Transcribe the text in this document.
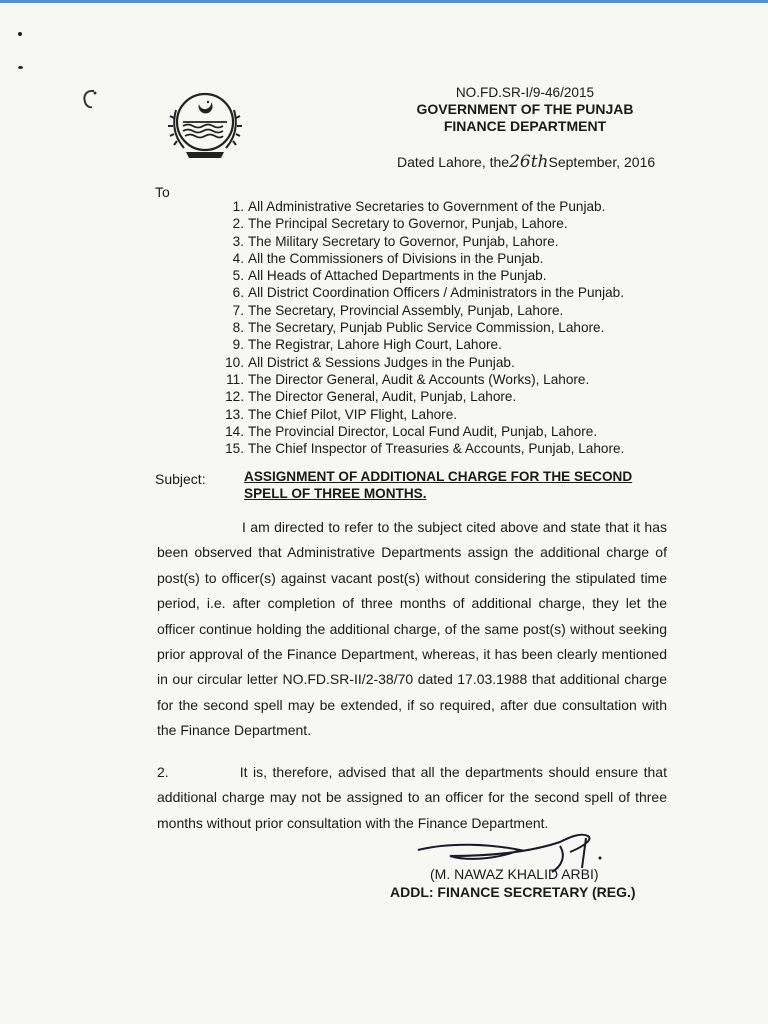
NO.FD.SR-I/9-46/2015
GOVERNMENT OF THE PUNJAB
FINANCE DEPARTMENT
Dated Lahore, the26thSeptember, 2016
To
1. All Administrative Secretaries to Government of the Punjab.
2. The Principal Secretary to Governor, Punjab, Lahore.
3. The Military Secretary to Governor, Punjab, Lahore.
4. All the Commissioners of Divisions in the Punjab.
5. All Heads of Attached Departments in the Punjab.
6. All District Coordination Officers / Administrators in the Punjab.
7. The Secretary, Provincial Assembly, Punjab, Lahore.
8. The Secretary, Punjab Public Service Commission, Lahore.
9. The Registrar, Lahore High Court, Lahore.
10. All District & Sessions Judges in the Punjab.
11. The Director General, Audit & Accounts (Works), Lahore.
12. The Director General, Audit, Punjab, Lahore.
13. The Chief Pilot, VIP Flight, Lahore.
14. The Provincial Director, Local Fund Audit, Punjab, Lahore.
15. The Chief Inspector of Treasuries & Accounts, Punjab, Lahore.
Subject:	ASSIGNMENT OF ADDITIONAL CHARGE FOR THE SECOND SPELL OF THREE MONTHS.
I am directed to refer to the subject cited above and state that it has been observed that Administrative Departments assign the additional charge of post(s) to officer(s) against vacant post(s) without considering the stipulated time period, i.e. after completion of three months of additional charge, they let the officer continue holding the additional charge, of the same post(s) without seeking prior approval of the Finance Department, whereas, it has been clearly mentioned in our circular letter NO.FD.SR-II/2-38/70 dated 17.03.1988 that additional charge for the second spell may be extended, if so required, after due consultation with the Finance Department.
2.	It is, therefore, advised that all the departments should ensure that additional charge may not be assigned to an officer for the second spell of three months without prior consultation with the Finance Department.
(M. NAWAZ KHALID ARBI)
ADDL: FINANCE SECRETARY (REG.)
